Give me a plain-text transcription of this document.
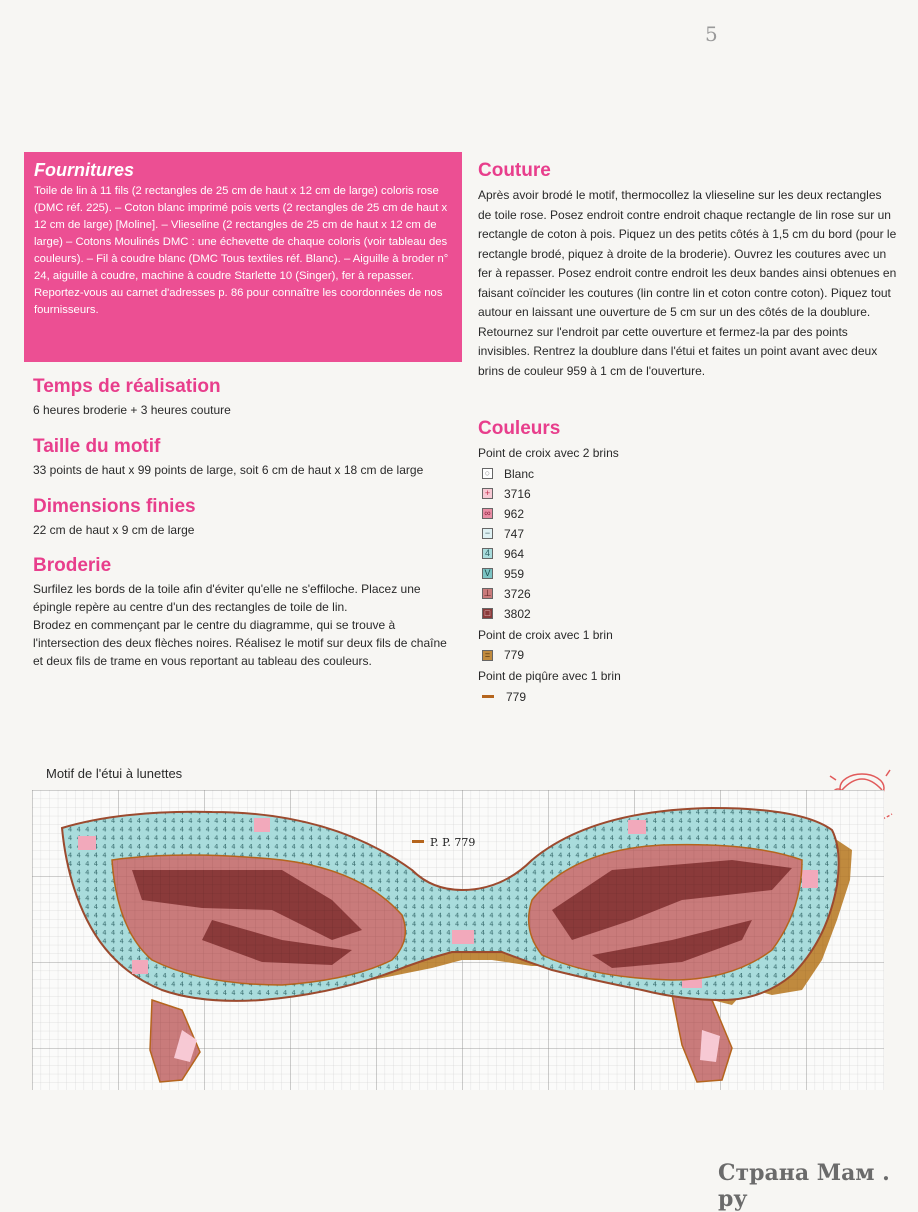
5
Fournitures

Toile de lin à 11 fils (2 rectangles de 25 cm de haut x 12 cm de large) coloris rose (DMC réf. 225). – Coton blanc imprimé pois verts (2 rectangles de 25 cm de haut x 12 cm de large) [Moline]. – Vlieseline (2 rectangles de 25 cm de haut x 12 cm de large) – Cotons Moulinés DMC : une échevette de chaque coloris (voir tableau des couleurs). – Fil à coudre blanc (DMC Tous textiles réf. Blanc). – Aiguille à broder n° 24, aiguille à coudre, machine à coudre Starlette 10 (Singer), fer à repasser.

Reportez-vous au carnet d'adresses p. 86 pour connaître les coordonnées de nos fournisseurs.

Temps de réalisation

6 heures broderie + 3 heures couture

Taille du motif

33 points de haut x 99 points de large, soit 6 cm de haut x 18 cm de large

Dimensions finies

22 cm de haut x 9 cm de large

Broderie

Surfilez les bords de la toile afin d'éviter qu'elle ne s'effiloche. Placez une épingle repère au centre d'un des rectangles de toile de lin.

Brodez en commençant par le centre du diagramme, qui se trouve à l'intersection des deux flèches noires. Réalisez le motif sur deux fils de chaîne et deux fils de trame en vous reportant au tableau des couleurs.

Couture

Après avoir brodé le motif, thermocollez la vlieseline sur les deux rectangles de toile rose. Posez endroit contre endroit chaque rectangle de lin rose sur un rectangle de coton à pois. Piquez un des petits côtés à 1,5 cm du bord (pour le rectangle brodé, piquez à droite de la broderie). Ouvrez les coutures avec un fer à repasser. Posez endroit contre endroit les deux bandes ainsi obtenues en faisant coïncider les coutures (lin contre lin et coton contre coton). Piquez tout autour en laissant une ouverture de 5 cm sur un des côtés de la doublure. Retournez sur l'endroit par cette ouverture et fermez-la par des points invisibles. Rentrez la doublure dans l'étui et faites un point avant avec deux brins de couleur 959 à 1 cm de l'ouverture.

Couleurs

Point de croix avec 2 brins

○ Blanc
+ 3716
∞ 962
− 747
4 964
V 959
⊥ 3726
□ 3802

Point de croix avec 1 brin

= 779

Point de piqûre avec 1 brin

779
Motif de l'étui à lunettes
P. P. 779
Страна Мам . ру
